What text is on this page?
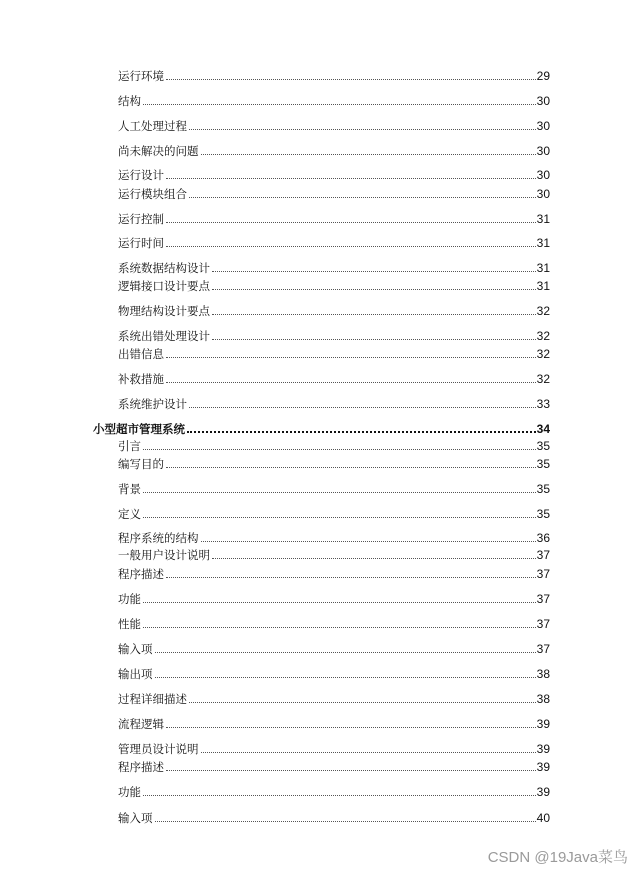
运行环境	29
结构	30
人工处理过程	30
尚未解决的问题	30
运行设计	30
运行模块组合	30
运行控制	31
运行时间	31
系统数据结构设计	31
逻辑接口设计要点	31
物理结构设计要点	32
系统出错处理设计	32
出错信息	32
补救措施	32
系统维护设计	33
小型超市管理系统	34
引言	35
编写目的	35
背景	35
定义	35
程序系统的结构	36
一般用户设计说明	37
程序描述	37
功能	37
性能	37
输入项	37
输出项	38
过程详细描述	38
流程逻辑	39
管理员设计说明	39
程序描述	39
功能	39
输入项	40
CSDN @19Java菜鸟
